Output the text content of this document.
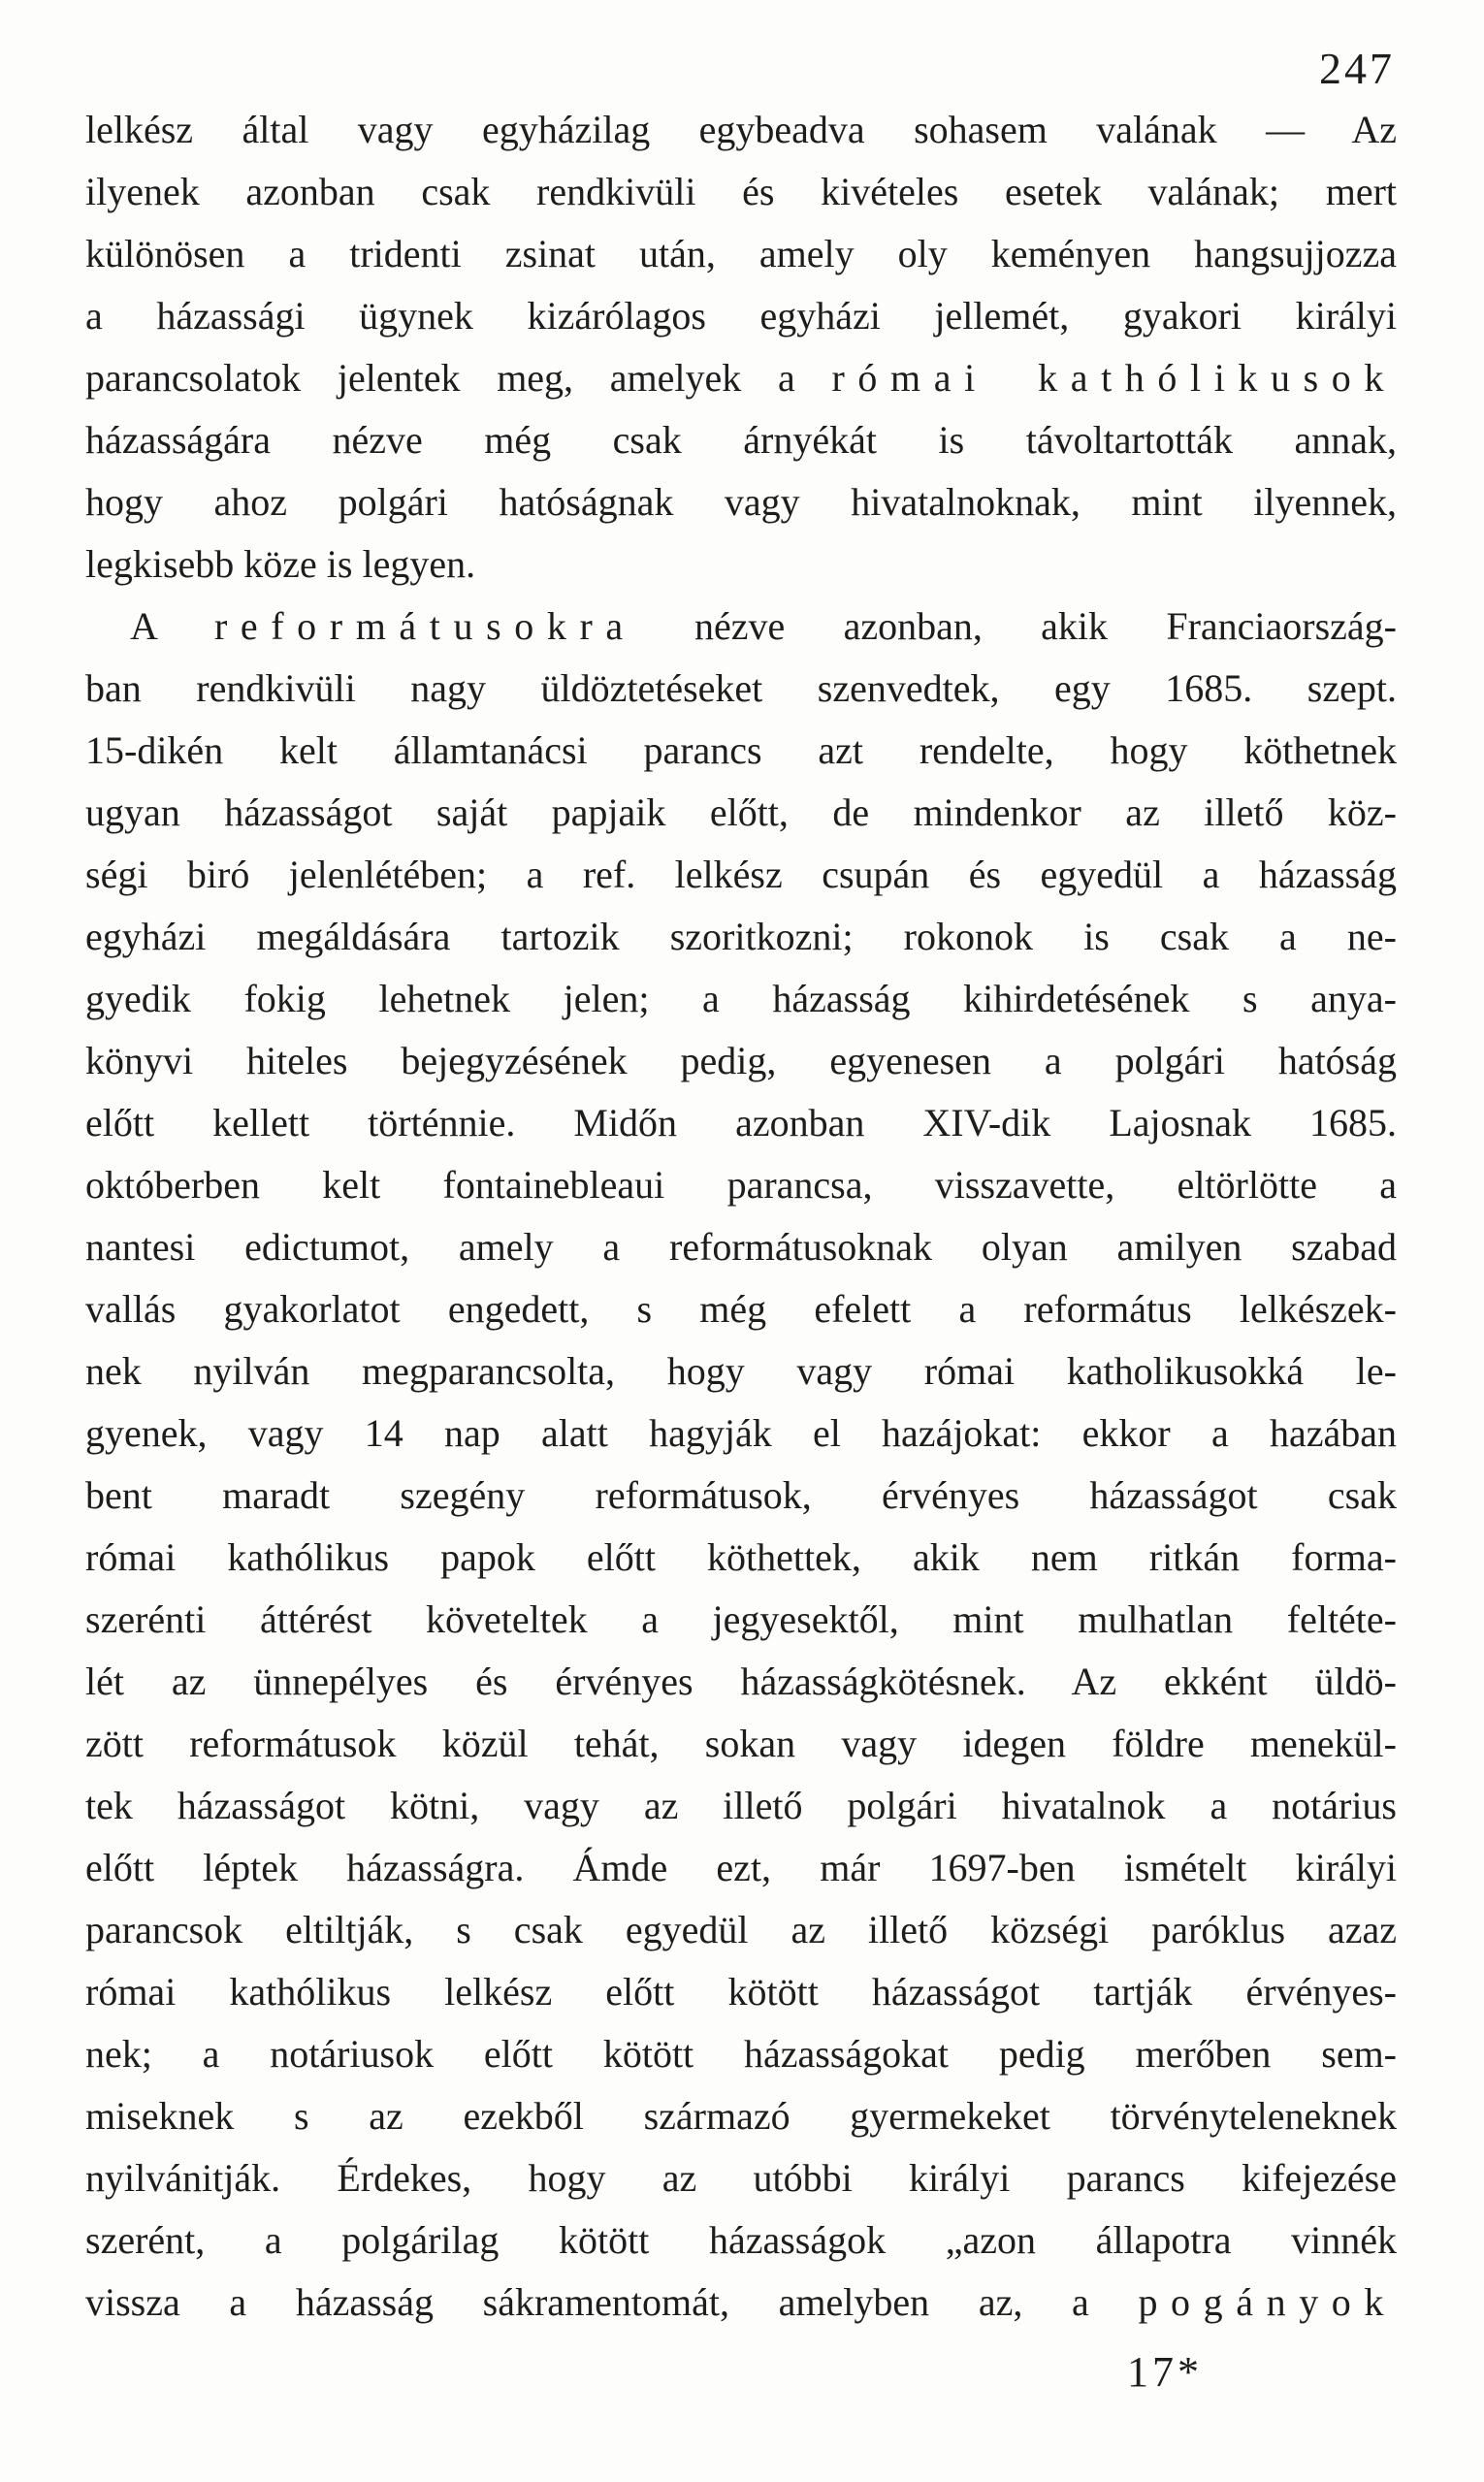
247
lelkész által vagy egyházilag egybeadva sohasem valának — Az
ilyenek azonban csak rendkivüli és kivételes esetek valának; mert
különösen a tridenti zsinat után, amely oly keményen hangsujjozza
a házassági ügynek kizárólagos egyházi jellemét, gyakori királyi
parancsolatok jelentek meg, amelyek a római kathólikusok
házasságára nézve még csak árnyékát is távoltartották annak,
hogy ahoz polgári hatóságnak vagy hivatalnoknak, mint ilyennek,
legkisebb köze is legyen.
A reformátusokra nézve azonban, akik Franciaország-
ban rendkivüli nagy üldöztetéseket szenvedtek, egy 1685. szept.
15-dikén kelt államtanácsi parancs azt rendelte, hogy köthetnek
ugyan házasságot saját papjaik előtt, de mindenkor az illető köz-
ségi biró jelenlétében; a ref. lelkész csupán és egyedül a házasság
egyházi megáldására tartozik szoritkozni; rokonok is csak a ne-
gyedik fokig lehetnek jelen; a házasság kihirdetésének s anya-
könyvi hiteles bejegyzésének pedig, egyenesen a polgári hatóság
előtt kellett történnie. Midőn azonban XIV-dik Lajosnak 1685.
októberben kelt fontainebleaui parancsa, visszavette, eltörlötte a
nantesi edictumot, amely a reformátusoknak olyan amilyen szabad
vallás gyakorlatot engedett, s még efelett a református lelkészek-
nek nyilván megparancsolta, hogy vagy római katholikusokká le-
gyenek, vagy 14 nap alatt hagyják el hazájokat: ekkor a hazában
bent maradt szegény reformátusok, érvényes házasságot csak
római kathólikus papok előtt köthettek, akik nem ritkán forma-
szerénti áttérést követeltek a jegyesektől, mint mulhatlan feltéte-
lét az ünnepélyes és érvényes házasságkötésnek. Az ekként üldö-
zött reformátusok közül tehát, sokan vagy idegen földre menekül-
tek házasságot kötni, vagy az illető polgári hivatalnok a notárius
előtt léptek házasságra. Ámde ezt, már 1697-ben ismételt királyi
parancsok eltiltják, s csak egyedül az illető községi paróklus azaz
római kathólikus lelkész előtt kötött házasságot tartják érvényes-
nek; a notáriusok előtt kötött házasságokat pedig merőben sem-
miseknek s az ezekből származó gyermekeket törvényteleneknek
nyilvánitják. Érdekes, hogy az utóbbi királyi parancs kifejezése
szerént, a polgárilag kötött házasságok „azon állapotra vinnék
vissza a házasság sákramentomát, amelyben az, a pogányok
17*
